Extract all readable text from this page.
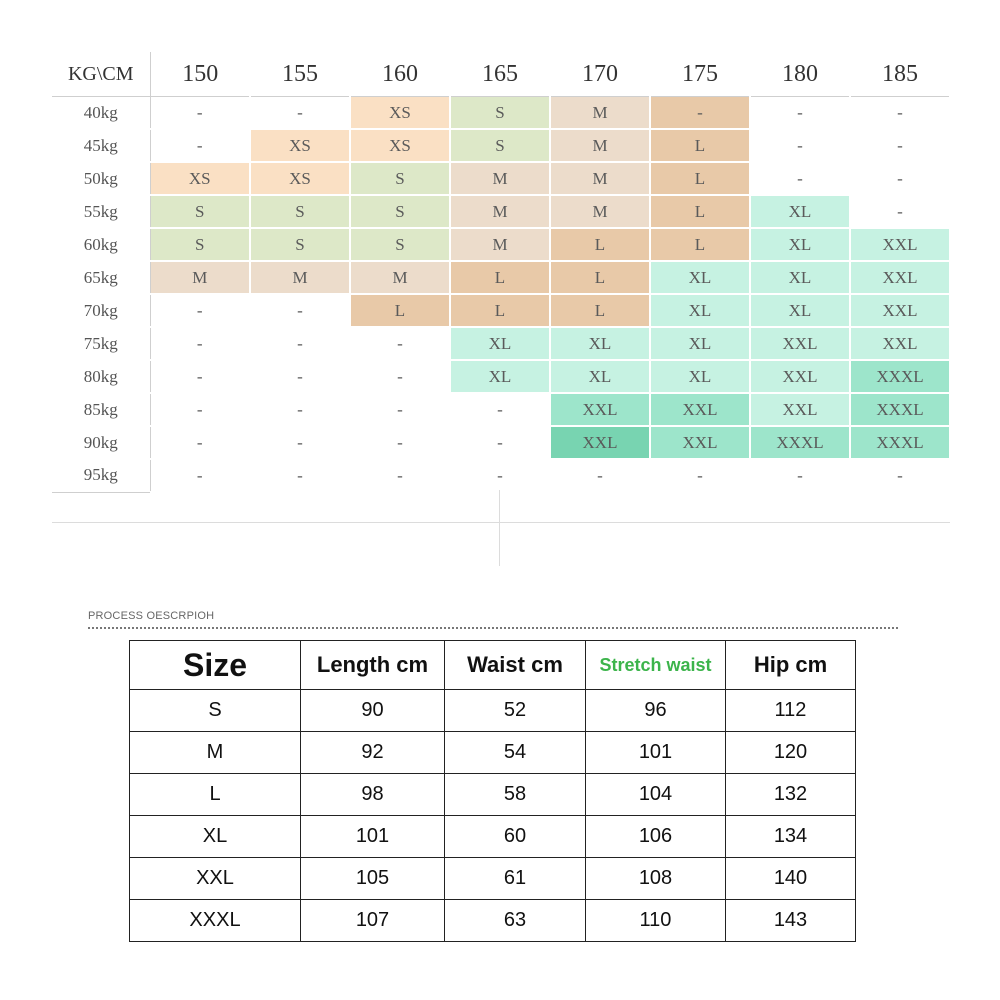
KG\CM	150	155	160	165	170	175	180	185
40kg	-	-	XS	S	M	-	-	-
45kg	-	XS	XS	S	M	L	-	-
50kg	XS	XS	S	M	M	L	-	-
55kg	S	S	S	M	M	L	XL	-
60kg	S	S	S	M	L	L	XL	XXL
65kg	M	M	M	L	L	XL	XL	XXL
70kg	-	-	L	L	L	XL	XL	XXL
75kg	-	-	-	XL	XL	XL	XXL	XXL
80kg	-	-	-	XL	XL	XL	XXL	XXXL
85kg	-	-	-	-	XXL	XXL	XXL	XXXL
90kg	-	-	-	-	XXL	XXL	XXXL	XXXL
95kg	-	-	-	-	-	-	-	-
PROCESS OESCRΡIOH
Size	Length cm	Waist cm	Stretch waist	Hip cm
S	90	52	96	112
M	92	54	101	120
L	98	58	104	132
XL	101	60	106	134
XXL	105	61	108	140
XXXL	107	63	110	143
